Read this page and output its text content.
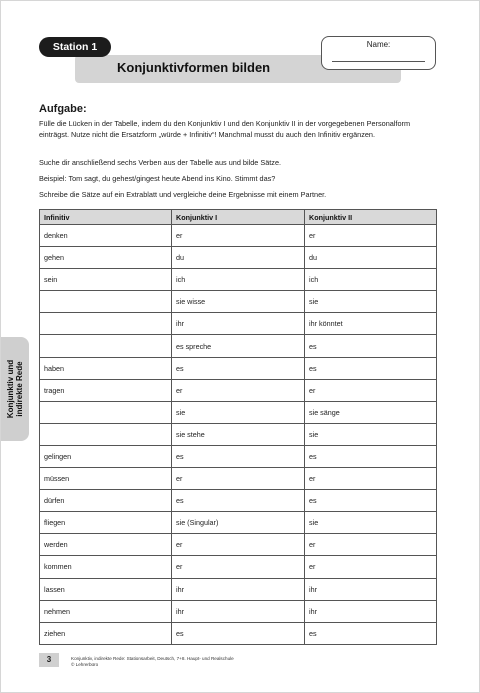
Station 1
Konjunktivformen bilden
Name:
Konjunktiv und indirekte Rede
Aufgabe:
Fülle die Lücken in der Tabelle, indem du den Konjunktiv I und den Konjunktiv II in der vorgegebenen Personalform einträgst. Nutze nicht die Ersatzform „würde + Infinitiv“! Manchmal musst du auch den Infinitiv ergänzen.
Suche dir anschließend sechs Verben aus der Tabelle aus und bilde Sätze.
Beispiel: Tom sagt, du gehest/gingest heute Abend ins Kino. Stimmt das?
Schreibe die Sätze auf ein Extrablatt und vergleiche deine Ergebnisse mit einem Partner.
Infinitiv	Konjunktiv I	Konjunktiv II
denken	er	er
gehen	du	du
sein	ich	ich
	sie wisse	sie
	ihr	ihr könntet
	es spreche	es
haben	es	es
tragen	er	er
	sie	sie sänge
	sie stehe	sie
gelingen	es	es
müssen	er	er
dürfen	es	es
fliegen	sie (Singular)	sie
werden	er	er
kommen	er	er
lassen	ihr	ihr
nehmen	ihr	ihr
ziehen	es	es
3	Konjunktiv, indirekte Rede: Stationsarbeit, Deutsch, 7+8. Haupt- und Realschule
© Lehrerbüro
